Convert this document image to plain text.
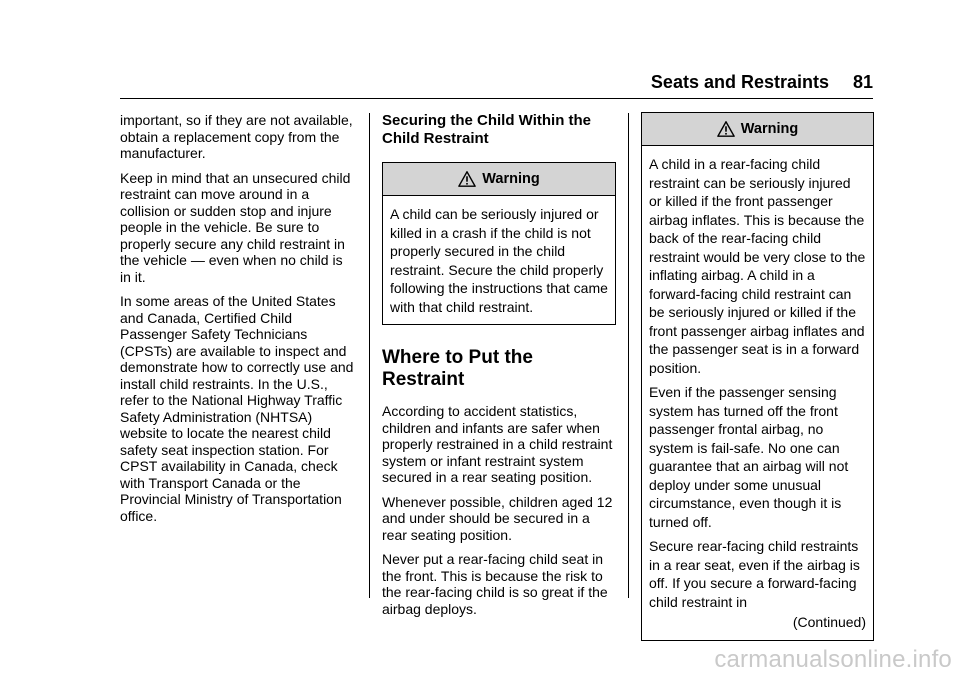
Seats and Restraints 81

important, so if they are not available, obtain a replacement copy from the manufacturer.

Keep in mind that an unsecured child restraint can move around in a collision or sudden stop and injure people in the vehicle. Be sure to properly secure any child restraint in the vehicle — even when no child is in it.

In some areas of the United States and Canada, Certified Child Passenger Safety Technicians (CPSTs) are available to inspect and demonstrate how to correctly use and install child restraints. In the U.S., refer to the National Highway Traffic Safety Administration (NHTSA) website to locate the nearest child safety seat inspection station. For CPST availability in Canada, check with Transport Canada or the Provincial Ministry of Transportation office.

Securing the Child Within the Child Restraint
Warning

A child can be seriously injured or killed in a crash if the child is not properly secured in the child restraint. Secure the child properly following the instructions that came with that child restraint.

Where to Put the Restraint

According to accident statistics, children and infants are safer when properly restrained in a child restraint system or infant restraint system secured in a rear seating position.

Whenever possible, children aged 12 and under should be secured in a rear seating position.

Never put a rear-facing child seat in the front. This is because the risk to the rear-facing child is so great if the airbag deploys.

Warning

A child in a rear-facing child restraint can be seriously injured or killed if the front passenger airbag inflates. This is because the back of the rear-facing child restraint would be very close to the inflating airbag. A child in a forward-facing child restraint can be seriously injured or killed if the front passenger airbag inflates and the passenger seat is in a forward position.

Even if the passenger sensing system has turned off the front passenger frontal airbag, no system is fail-safe. No one can guarantee that an airbag will not deploy under some unusual circumstance, even though it is turned off.

Secure rear-facing child restraints in a rear seat, even if the airbag is off. If you secure a forward-facing child restraint in

(Continued)
carmanualsonline.info
